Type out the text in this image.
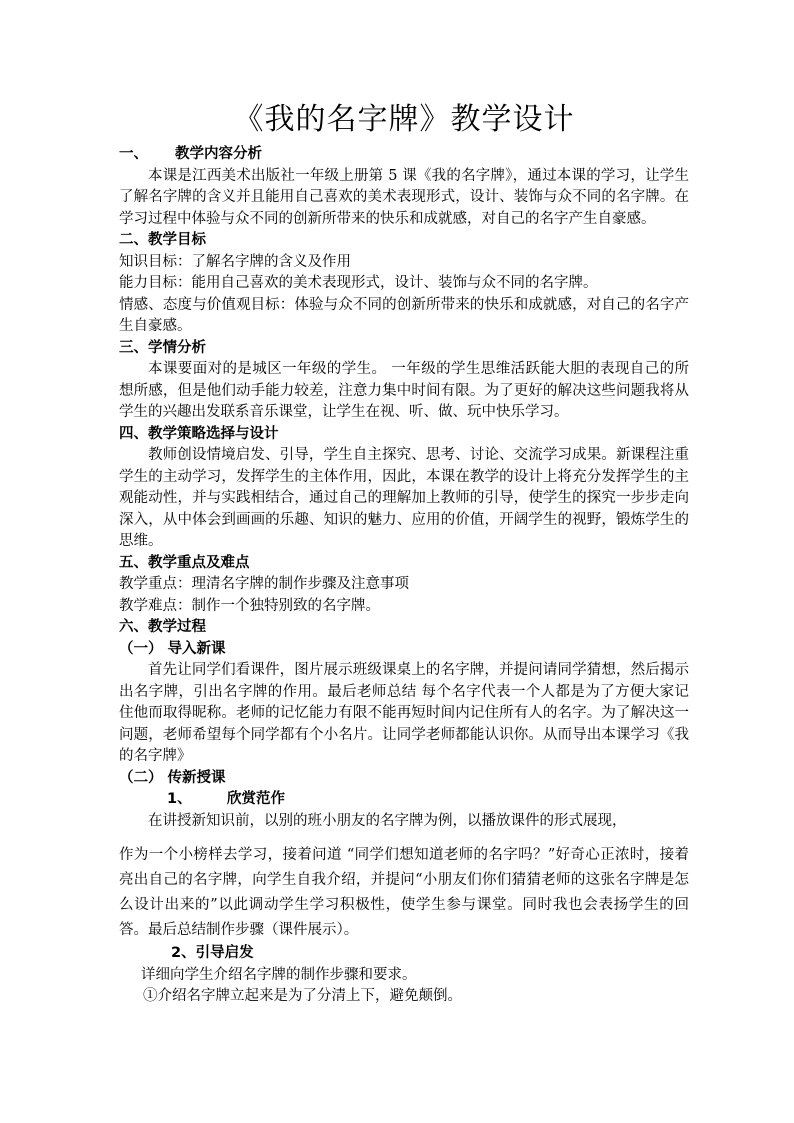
《我的名字牌》教学设计

一、 教学内容分析

本课是江西美术出版社一年级上册第 5 课《我的名字牌》，通过本课的学习，让学生了解名字牌的含义并且能用自己喜欢的美术表现形式，设计、装饰与众不同的名字牌。在学习过程中体验与众不同的创新所带来的快乐和成就感，对自己的名字产生自豪感。

二、教学目标

知识目标：了解名字牌的含义及作用

能力目标：能用自己喜欢的美术表现形式，设计、装饰与众不同的名字牌。

情感、态度与价值观目标：体验与众不同的创新所带来的快乐和成就感，对自己的名字产生自豪感。

三、学情分析

本课要面对的是城区一年级的学生。 一年级的学生思维活跃能大胆的表现自己的所想所感，但是他们动手能力较差，注意力集中时间有限。为了更好的解决这些问题我将从学生的兴趣出发联系音乐课堂，让学生在视、听、做、玩中快乐学习。

四、教学策略选择与设计

教师创设情境启发、引导，学生自主探究、思考、讨论、交流学习成果。新课程注重学生的主动学习，发挥学生的主体作用，因此，本课在教学的设计上将充分发挥学生的主观能动性，并与实践相结合，通过自己的理解加上教师的引导，使学生的探究一步步走向深入，从中体会到画画的乐趣、知识的魅力、应用的价值，开阔学生的视野，锻炼学生的思维。

五、教学重点及难点

教学重点：理清名字牌的制作步骤及注意事项

教学难点：制作一个独特别致的名字牌。

六、教学过程

（一） 导入新课

首先让同学们看课件，图片展示班级课桌上的名字牌，并提问请同学猜想，然后揭示出名字牌，引出名字牌的作用。最后老师总结 每个名字代表一个人都是为了方便大家记住他而取得昵称。老师的记忆能力有限不能再短时间内记住所有人的名字。为了解决这一问题，老师希望每个同学都有个小名片。让同学老师都能认识你。从而导出本课学习《我的名字牌》

（二） 传新授课

1、 欣赏范作

在讲授新知识前，以别的班小朋友的名字牌为例，以播放课件的形式展现，

作为一个小榜样去学习，接着问道 “同学们想知道老师的名字吗？”好奇心正浓时，接着亮出自己的名字牌，向学生自我介绍，并提问“小朋友们你们猜猜老师的这张名字牌是怎么设计出来的”以此调动学生学习积极性，使学生参与课堂。同时我也会表扬学生的回答。最后总结制作步骤（课件展示）。

2、引导启发

详细向学生介绍名字牌的制作步骤和要求。

①介绍名字牌立起来是为了分清上下，避免颠倒。
